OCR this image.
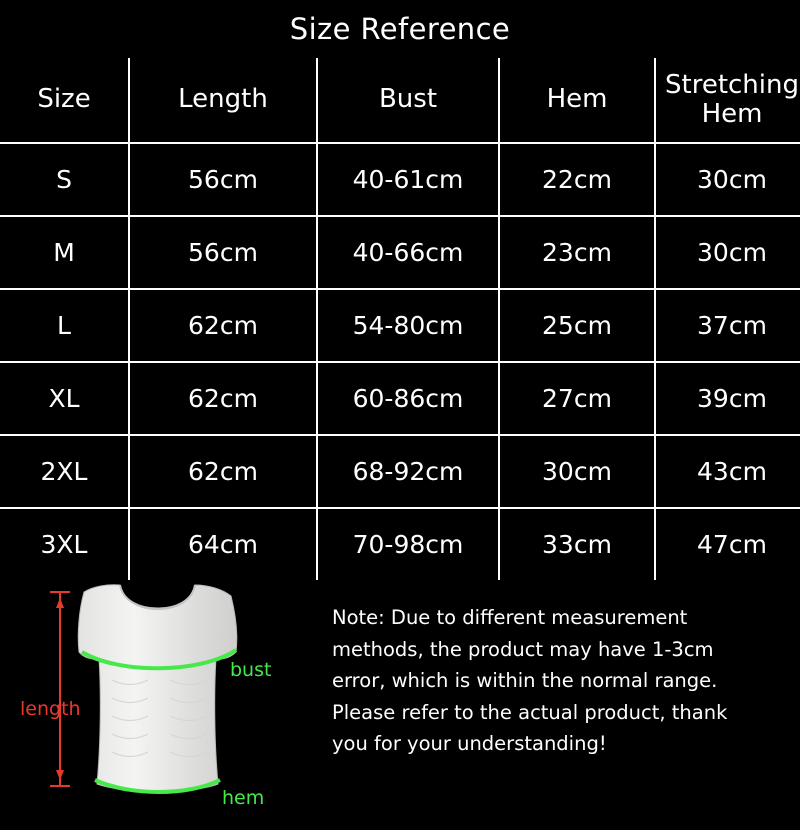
Size Reference
Size	Length	Bust	Hem	Stretching Hem
S	56cm	40-61cm	22cm	30cm
M	56cm	40-66cm	23cm	30cm
L	62cm	54-80cm	25cm	37cm
XL	62cm	60-86cm	27cm	39cm
2XL	62cm	68-92cm	30cm	43cm
3XL	64cm	70-98cm	33cm	47cm
bust
hem
length

Note: Due to different measurement

methods, the product may have 1-3cm

error, which is within the normal range.

Please refer to the actual product, thank

you for your understanding!
